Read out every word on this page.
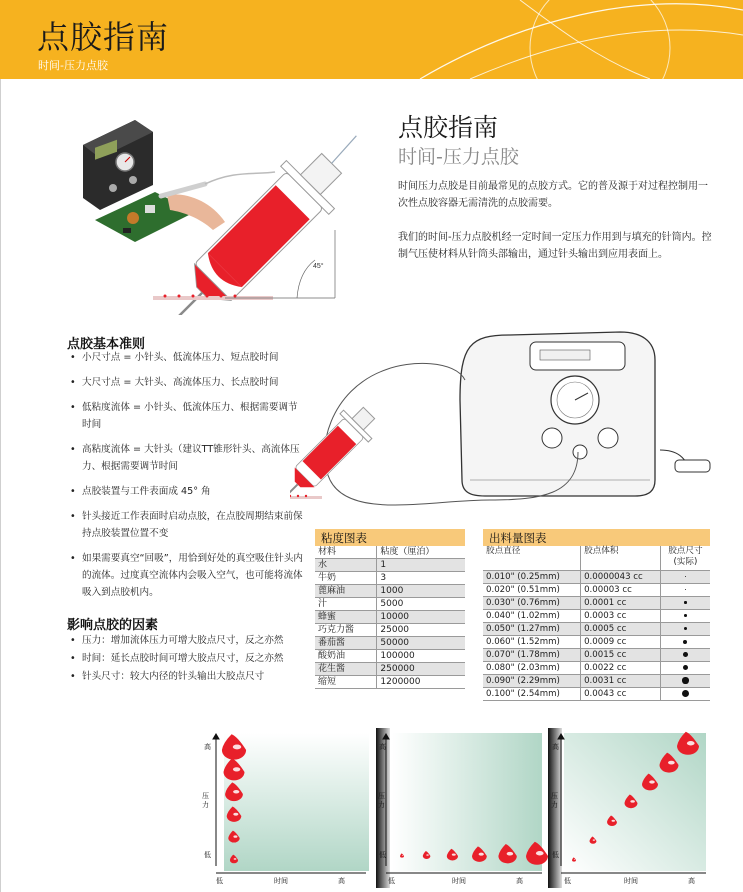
点胶指南
时间-压力点胶
45°
点胶指南
时间-压力点胶
时间压力点胶是目前最常见的点胶方式。它的普及源于对过程控制用一次性点胶容器无需清洗的点胶需要。
我们的时间-压力点胶机经一定时间一定压力作用到与填充的针筒内。控制气压使材料从针筒头部输出，通过针头输出到应用表面上。
点胶基本准则
• 小尺寸点 = 小针头、低流体压力、短点胶时间
• 大尺寸点 = 大针头、高流体压力、长点胶时间
• 低粘度流体 = 小针头、低流体压力、根据需要调节时间
• 高粘度流体 = 大针头（建议TT锥形针头、高流体压力、根据需要调节时间
• 点胶装置与工件表面成 45° 角
• 针头接近工作表面时启动点胶，在点胶周期结束前保持点胶装置位置不变
• 如果需要真空“回吸”，用恰到好处的真空吸住针头内的流体。过度真空流体内会吸入空气，也可能将流体吸入到点胶机内。
影响点胶的因素
• 压力：增加流体压力可增大胶点尺寸，反之亦然
• 时间：延长点胶时间可增大胶点尺寸，反之亦然
• 针头尺寸：较大内径的针头输出大胶点尺寸
粘度图表
材料	粘度（厘泊）
水	1
牛奶	3
蓖麻油	1000
汁	5000
蜂蜜	10000
巧克力酱	25000
番茄酱	50000
酸奶油	100000
花生酱	250000
缩短	1200000
出料量图表
胶点直径	胶点体积	胶点尺寸
(实际)
0.010" (0.25mm)	0.0000043 cc	
0.020" (0.51mm)	0.00003 cc	
0.030" (0.76mm)	0.0001 cc	
0.040" (1.02mm)	0.0003 cc	
0.050" (1.27mm)	0.0005 cc	
0.060" (1.52mm)	0.0009 cc	
0.070" (1.78mm)	0.0015 cc	
0.080" (2.03mm)	0.0022 cc	
0.090" (2.29mm)	0.0031 cc	
0.100" (2.54mm)	0.0043 cc	
高
低
压力
低	时间	高
高
压力
低
低	时间	高
高
压力
低
低	时间	高
